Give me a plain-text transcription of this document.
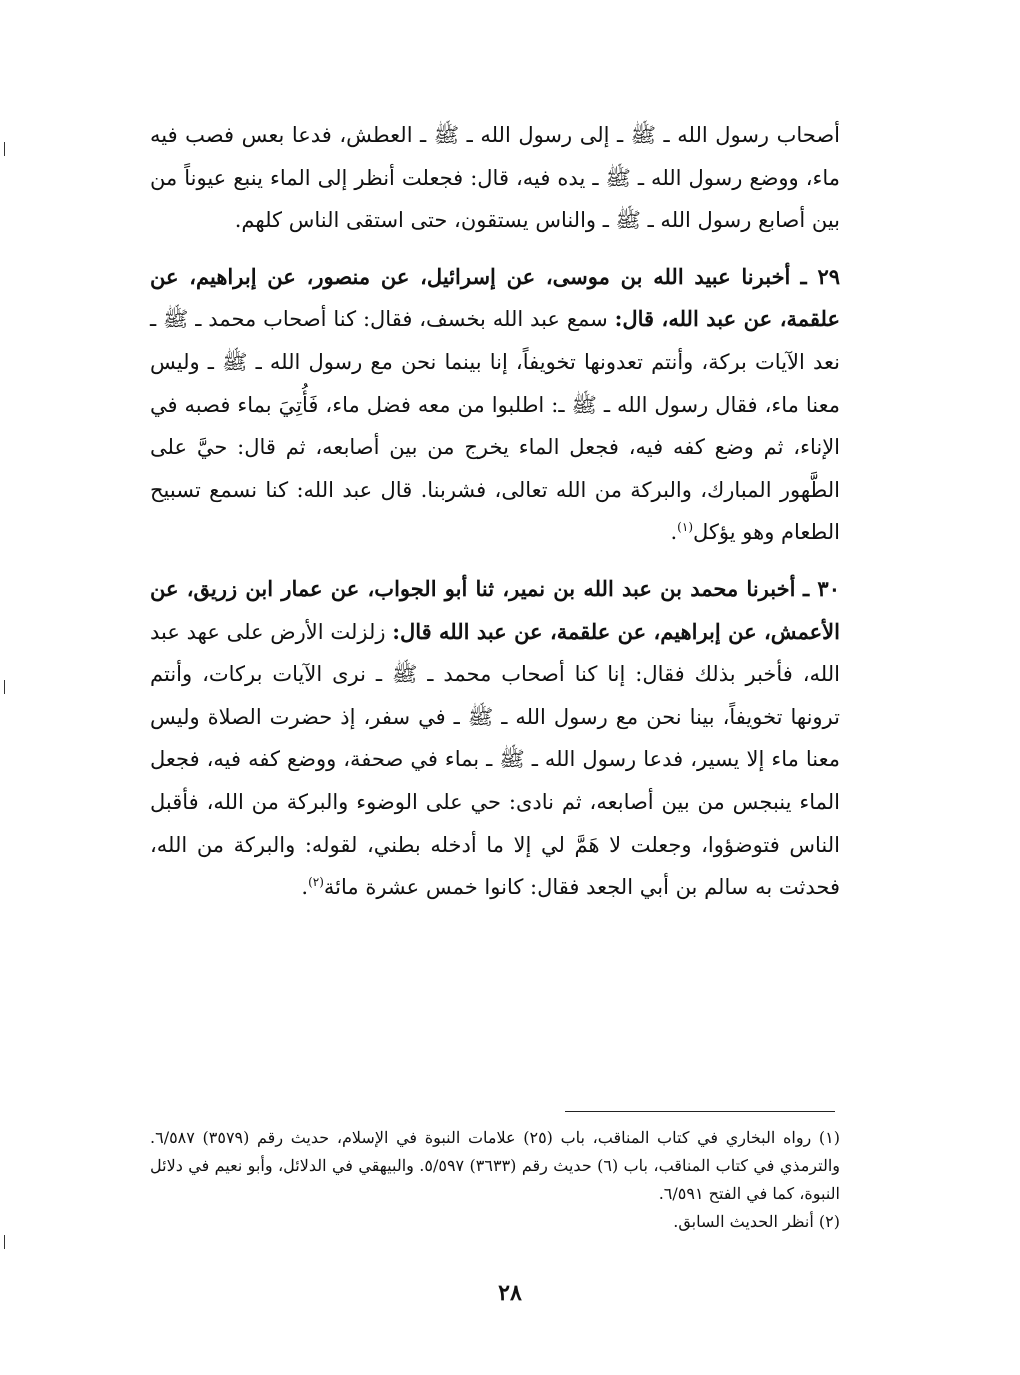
أصحاب رسول الله ـ ﷺ ـ إلى رسول الله ـ ﷺ ـ العطش، فدعا بعس فصب فيه ماء، ووضع رسول الله ـ ﷺ ـ يده فيه، قال: فجعلت أنظر إلى الماء ينبع عيوناً من بين أصابع رسول الله ـ ﷺ ـ والناس يستقون، حتى استقى الناس كلهم.

٢٩ ـ أخبرنا عبيد الله بن موسى، عن إسرائيل، عن منصور، عن إبراهيم، عن علقمة، عن عبد الله، قال: سمع عبد الله بخسف، فقال: كنا أصحاب محمد ـ ﷺ ـ نعد الآيات بركة، وأنتم تعدونها تخويفاً، إنا بينما نحن مع رسول الله ـ ﷺ ـ وليس معنا ماء، فقال رسول الله ـ ﷺ ـ: اطلبوا من معه فضل ماء، فَأُتِيَ بماء فصبه في الإناء، ثم وضع كفه فيه، فجعل الماء يخرج من بين أصابعه، ثم قال: حيَّ على الطَّهور المبارك، والبركة من الله تعالى، فشربنا. قال عبد الله: كنا نسمع تسبيح الطعام وهو يؤكل$^{(١)}$.

٣٠ ـ أخبرنا محمد بن عبد الله بن نمير، ثنا أبو الجواب، عن عمار ابن زريق، عن الأعمش، عن إبراهيم، عن علقمة، عن عبد الله قال: زلزلت الأرض على عهد عبد الله، فأخبر بذلك فقال: إنا كنا أصحاب محمد ـ ﷺ ـ نرى الآيات بركات، وأنتم ترونها تخويفاً، بينا نحن مع رسول الله ـ ﷺ ـ في سفر، إذ حضرت الصلاة وليس معنا ماء إلا يسير، فدعا رسول الله ـ ﷺ ـ بماء في صحفة، ووضع كفه فيه، فجعل الماء ينبجس من بين أصابعه، ثم نادى: حي على الوضوء والبركة من الله، فأقبل الناس فتوضؤوا، وجعلت لا هَمَّ لي إلا ما أدخله بطني، لقوله: والبركة من الله، فحدثت به سالم بن أبي الجعد فقال: كانوا خمس عشرة مائة$^{(٢)}$.

(١) رواه البخاري في كتاب المناقب، باب (٢٥) علامات النبوة في الإسلام، حديث رقم (٣٥٧٩) ٦/٥٨٧. والترمذي في كتاب المناقب، باب (٦) حديث رقم (٣٦٣٣) ٥/٥٩٧. والبيهقي في الدلائل، وأبو نعيم في دلائل النبوة، كما في الفتح ٦/٥٩١.

(٢) أنظر الحديث السابق.

٢٨
